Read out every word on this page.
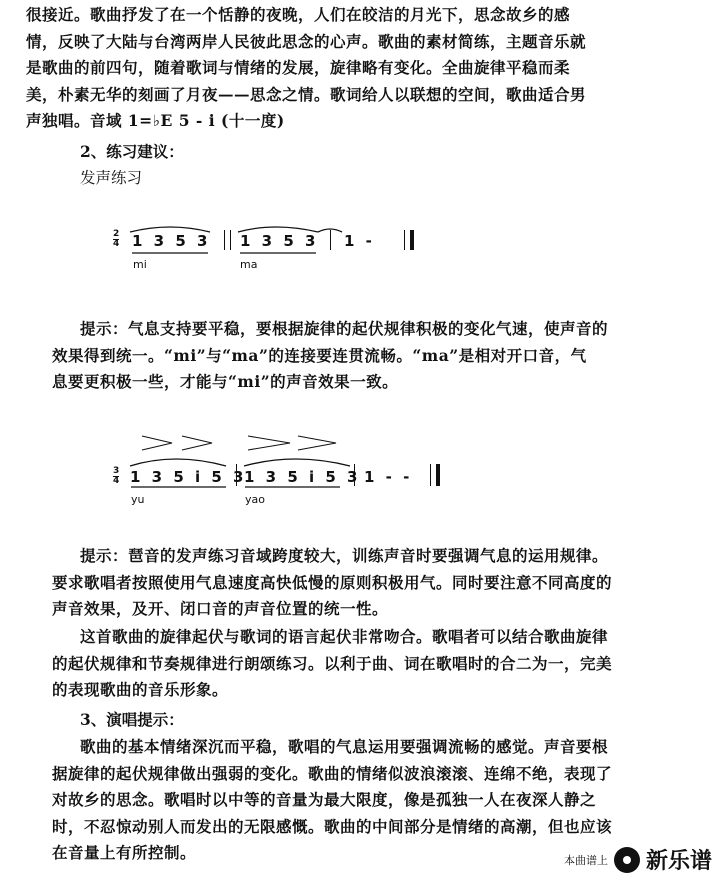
很接近。歌曲抒发了在一个恬静的夜晚，人们在皎洁的月光下，思念故乡的感

情，反映了大陆与台湾两岸人民彼此思念的心声。歌曲的素材简练，主题音乐就

是歌曲的前四句，随着歌词与情绪的发展，旋律略有变化。全曲旋律平稳而柔

美，朴素无华的刻画了月夜——思念之情。歌词给人以联想的空间，歌曲适合男

声独唱。音域 1=♭E 5 - i (十一度)

2、练习建议：
发声练习
2
4 1 3 5 3 1 3 5 3 1 -
mi	ma

提示：气息支持要平稳，要根据旋律的起伏规律积极的变化气速，使声音的

效果得到统一。“mi”与“ma”的连接要连贯流畅。“ma”是相对开口音，气

息要更积极一些，才能与“mi”的声音效果一致。

3
4 1 3 5 i 5 3
1 3 5 i 5 3 1 - -
yu	yao

提示：琶音的发声练习音域跨度较大，训练声音时要强调气息的运用规律。

要求歌唱者按照使用气息速度高快低慢的原则积极用气。同时要注意不同高度的

声音效果，及开、闭口音的声音位置的统一性。

这首歌曲的旋律起伏与歌词的语言起伏非常吻合。歌唱者可以结合歌曲旋律

的起伏规律和节奏规律进行朗颂练习。以利于曲、词在歌唱时的合二为一，完美

的表现歌曲的音乐形象。

3、演唱提示：

歌曲的基本情绪深沉而平稳，歌唱的气息运用要强调流畅的感觉。声音要根

据旋律的起伏规律做出强弱的变化。歌曲的情绪似波浪滚滚、连绵不绝，表现了

对故乡的思念。歌唱时以中等的音量为最大限度，像是孤独一人在夜深人静之

时，不忍惊动别人而发出的无限感慨。歌曲的中间部分是情绪的高潮，但也应该

在音量上有所控制。	本曲谱上 新乐谱
